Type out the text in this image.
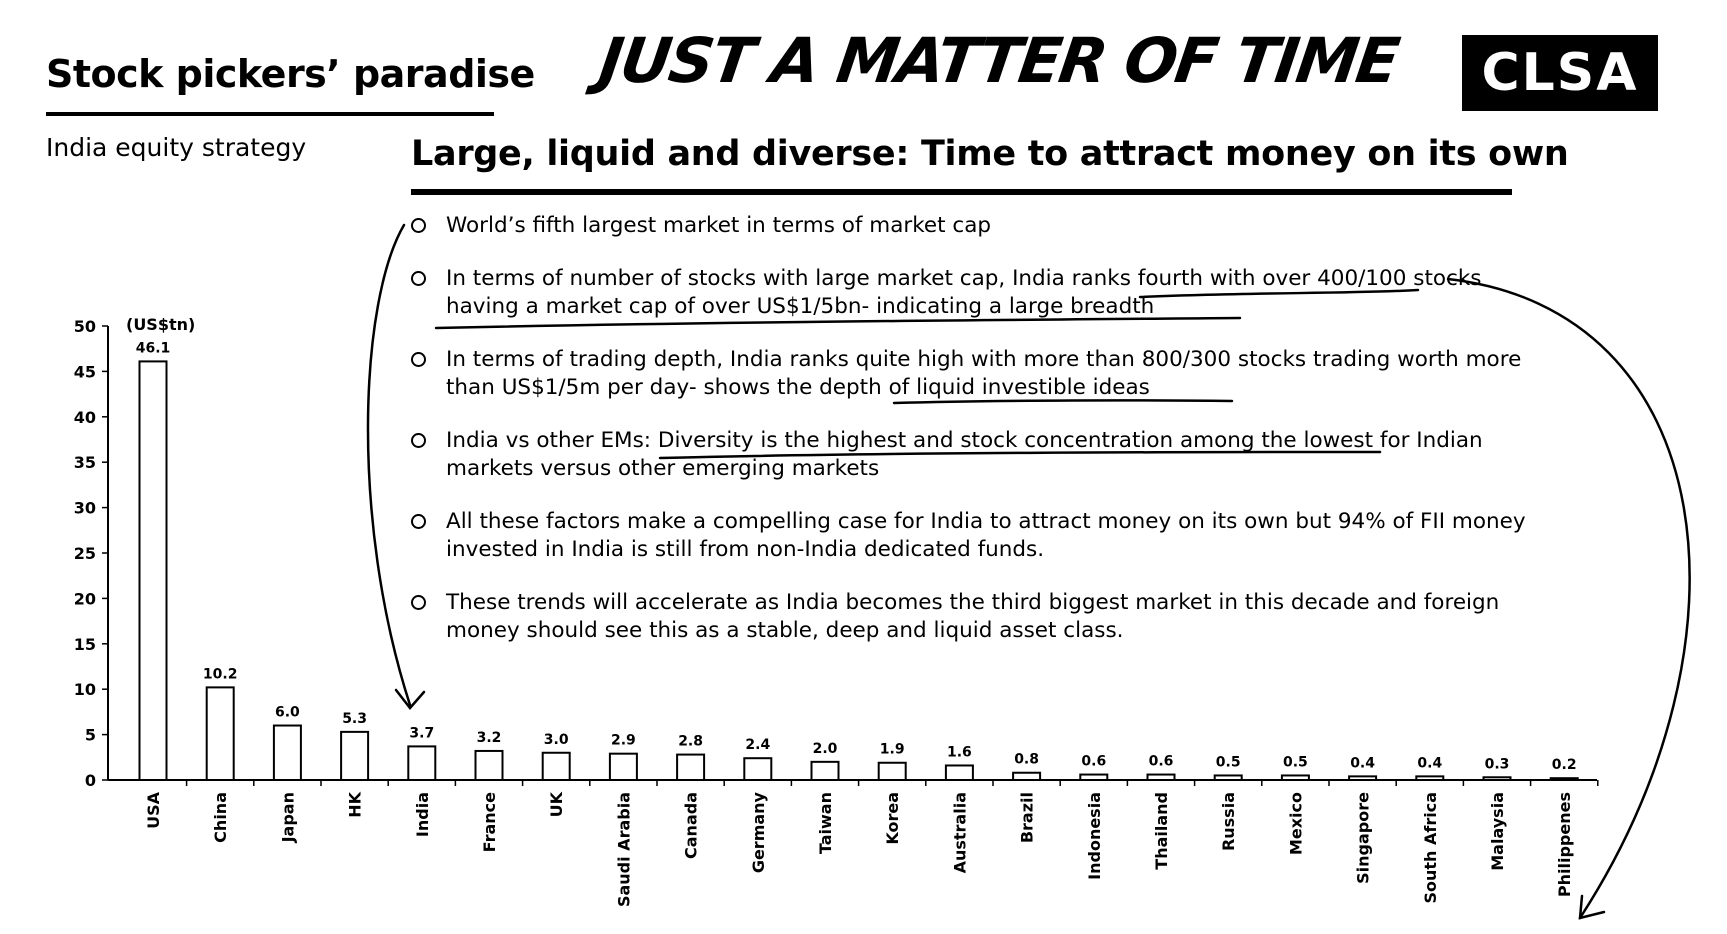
Stock pickers’ paradise
India equity strategy
JUST A MATTER OF TIME	CLSA
Large, liquid and diverse: Time to attract money on its own
World’s fifth largest market in terms of market cap
In terms of number of stocks with large market cap, India ranks fourth with over 400/100 stocks having a market cap of over US$1/5bn- indicating a large breadth
In terms of trading depth, India ranks quite high with more than 800/300 stocks trading worth more than US$1/5m per day- shows the depth of liquid investible ideas
India vs other EMs: Diversity is the highest and stock concentration among the lowest for Indian markets versus other emerging markets
All these factors make a compelling case for India to attract money on its own but 94% of FII money invested in India is still from non-India dedicated funds.
These trends will accelerate as India becomes the third biggest market in this decade and foreign money should see this as a stable, deep and liquid asset class.
0
5
10
15
20
25
30
35
40
45
50 (US$tn)
46.1
USA
10.2
China
6.0
Japan
5.3
HK
3.7
India
3.2
France
3.0
UK
2.9
Saudi Arabia
2.8
Canada
2.4
Germany
2.0
Taiwan
1.9
Korea
1.6
Australia
0.8
Brazil
0.6
Indonesia
0.6
Thailand
0.5
Russia
0.5
Mexico
0.4
Singapore
0.4
South Africa
0.3
Malaysia
0.2
Philippenes
